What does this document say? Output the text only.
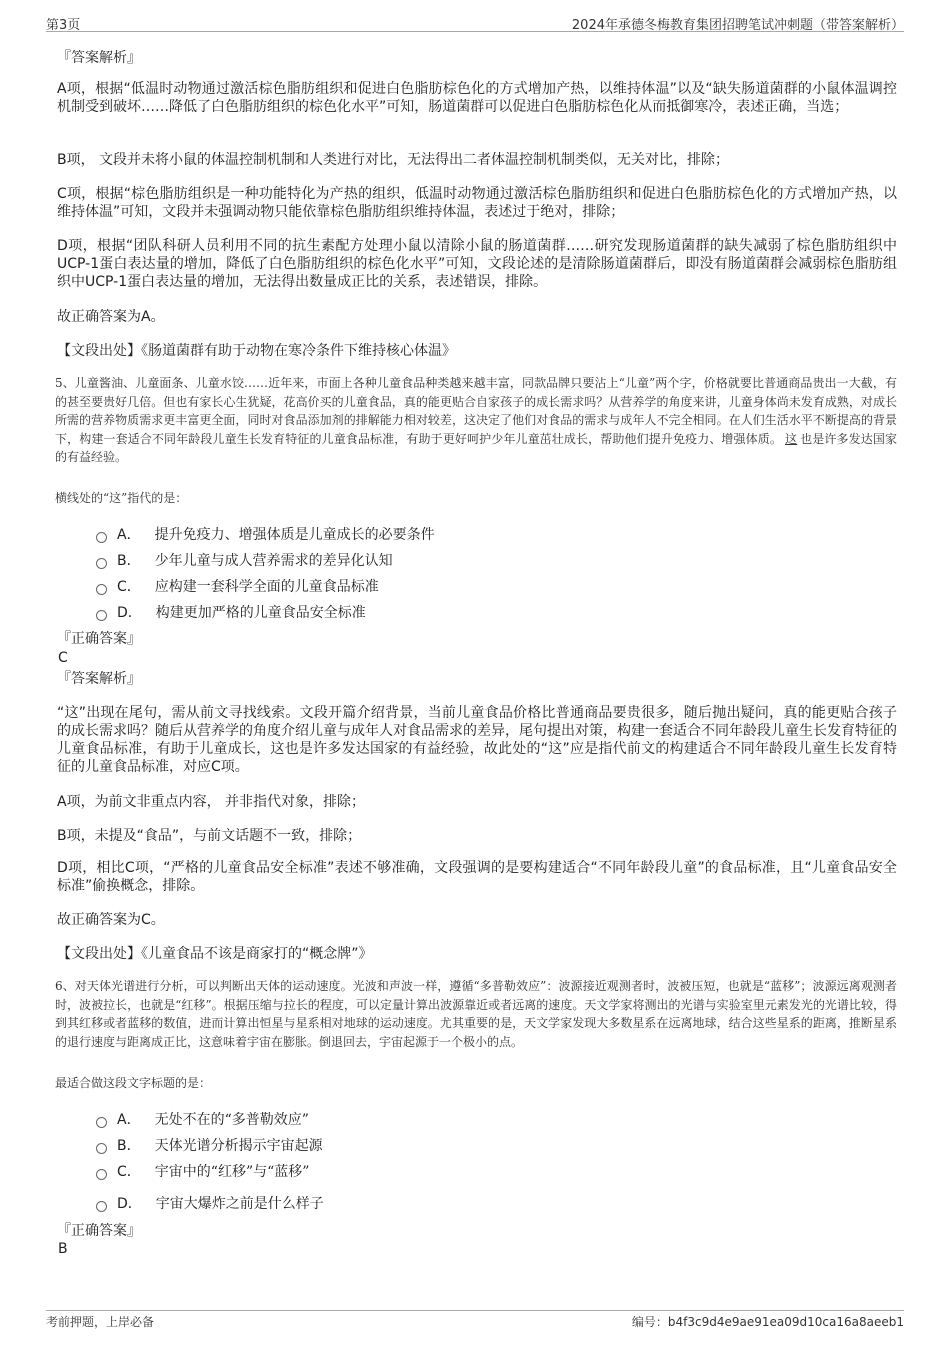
第3页	2024年承德冬梅教育集团招聘笔试冲刺题（带答案解析）
『答案解析』
A项，根据“低温时动物通过激活棕色脂肪组织和促进白色脂肪棕色化的方式增加产热，以维持体温”以及“缺失肠道菌群的小鼠体温调控机制受到破坏……降低了白色脂肪组织的棕色化水平”可知，肠道菌群可以促进白色脂肪棕色化从而抵御寒冷，表述正确，当选；
B项， 文段并未将小鼠的体温控制机制和人类进行对比，无法得出二者体温控制机制类似，无关对比，排除；
C项，根据“棕色脂肪组织是一种功能特化为产热的组织，低温时动物通过激活棕色脂肪组织和促进白色脂肪棕色化的方式增加产热，以维持体温”可知，文段并未强调动物只能依靠棕色脂肪组织维持体温，表述过于绝对，排除；
D项，根据“团队科研人员利用不同的抗生素配方处理小鼠以清除小鼠的肠道菌群……研究发现肠道菌群的缺失减弱了棕色脂肪组织中UCP-1蛋白表达量的增加，降低了白色脂肪组织的棕色化水平”可知，文段论述的是清除肠道菌群后，即没有肠道菌群会减弱棕色脂肪组织中UCP-1蛋白表达量的增加，无法得出数量成正比的关系，表述错误，排除。
故正确答案为A。
【文段出处】《肠道菌群有助于动物在寒冷条件下维持核心体温》
5、儿童酱油、儿童面条、儿童水饺……近年来，市面上各种儿童食品种类越来越丰富，同款品牌只要沾上“儿童”两个字，价格就要比普通商品贵出一大截，有的甚至要贵好几倍。但也有家长心生犹疑，花高价买的儿童食品，真的能更贴合自家孩子的成长需求吗？从营养学的角度来讲，儿童身体尚未发育成熟，对成长所需的营养物质需求更丰富更全面，同时对食品添加剂的排解能力相对较差，这决定了他们对食品的需求与成年人不完全相同。在人们生活水平不断提高的背景下，构建一套适合不同年龄段儿童生长发育特征的儿童食品标准，有助于更好呵护少年儿童茁壮成长，帮助他们提升免疫力、增强体质。 这 也是许多发达国家的有益经验。
横线处的“这”指代的是：
A． 提升免疫力、增强体质是儿童成长的必要条件
B． 少年儿童与成人营养需求的差异化认知
C． 应构建一套科学全面的儿童食品标准
D． 构建更加严格的儿童食品安全标准
『正确答案』
C
『答案解析』
“这”出现在尾句，需从前文寻找线索。文段开篇介绍背景，当前儿童食品价格比普通商品要贵很多，随后抛出疑问，真的能更贴合孩子的成长需求吗？随后从营养学的角度介绍儿童与成年人对食品需求的差异，尾句提出对策，构建一套适合不同年龄段儿童生长发育特征的儿童食品标准，有助于儿童成长，这也是许多发达国家的有益经验，故此处的“这”应是指代前文的构建适合不同年龄段儿童生长发育特征的儿童食品标准，对应C项。
A项，为前文非重点内容， 并非指代对象，排除；
B项，未提及“食品”，与前文话题不一致，排除；
D项，相比C项，“严格的儿童食品安全标准”表述不够准确，文段强调的是要构建适合“不同年龄段儿童”的食品标准，且“儿童食品安全标准”偷换概念，排除。
故正确答案为C。
【文段出处】《儿童食品不该是商家打的“概念牌”》
6、对天体光谱进行分析，可以判断出天体的运动速度。光波和声波一样，遵循“多普勒效应”：波源接近观测者时，波被压短，也就是“蓝移”；波源远离观测者时，波被拉长，也就是“红移”。根据压缩与拉长的程度，可以定量计算出波源靠近或者远离的速度。天文学家将测出的光谱与实验室里元素发光的光谱比较，得到其红移或者蓝移的数值，进而计算出恒星与星系相对地球的运动速度。尤其重要的是，天文学家发现大多数星系在远离地球，结合这些星系的距离，推断星系的退行速度与距离成正比，这意味着宇宙在膨胀。倒退回去，宇宙起源于一个极小的点。
最适合做这段文字标题的是：
A． 无处不在的“多普勒效应”
B． 天体光谱分析揭示宇宙起源
C． 宇宙中的“红移”与“蓝移”
D． 宇宙大爆炸之前是什么样子
『正确答案』
B
考前押题，上岸必备	编号：b4f3c9d4e9ae91ea09d10ca16a8aeeb1
